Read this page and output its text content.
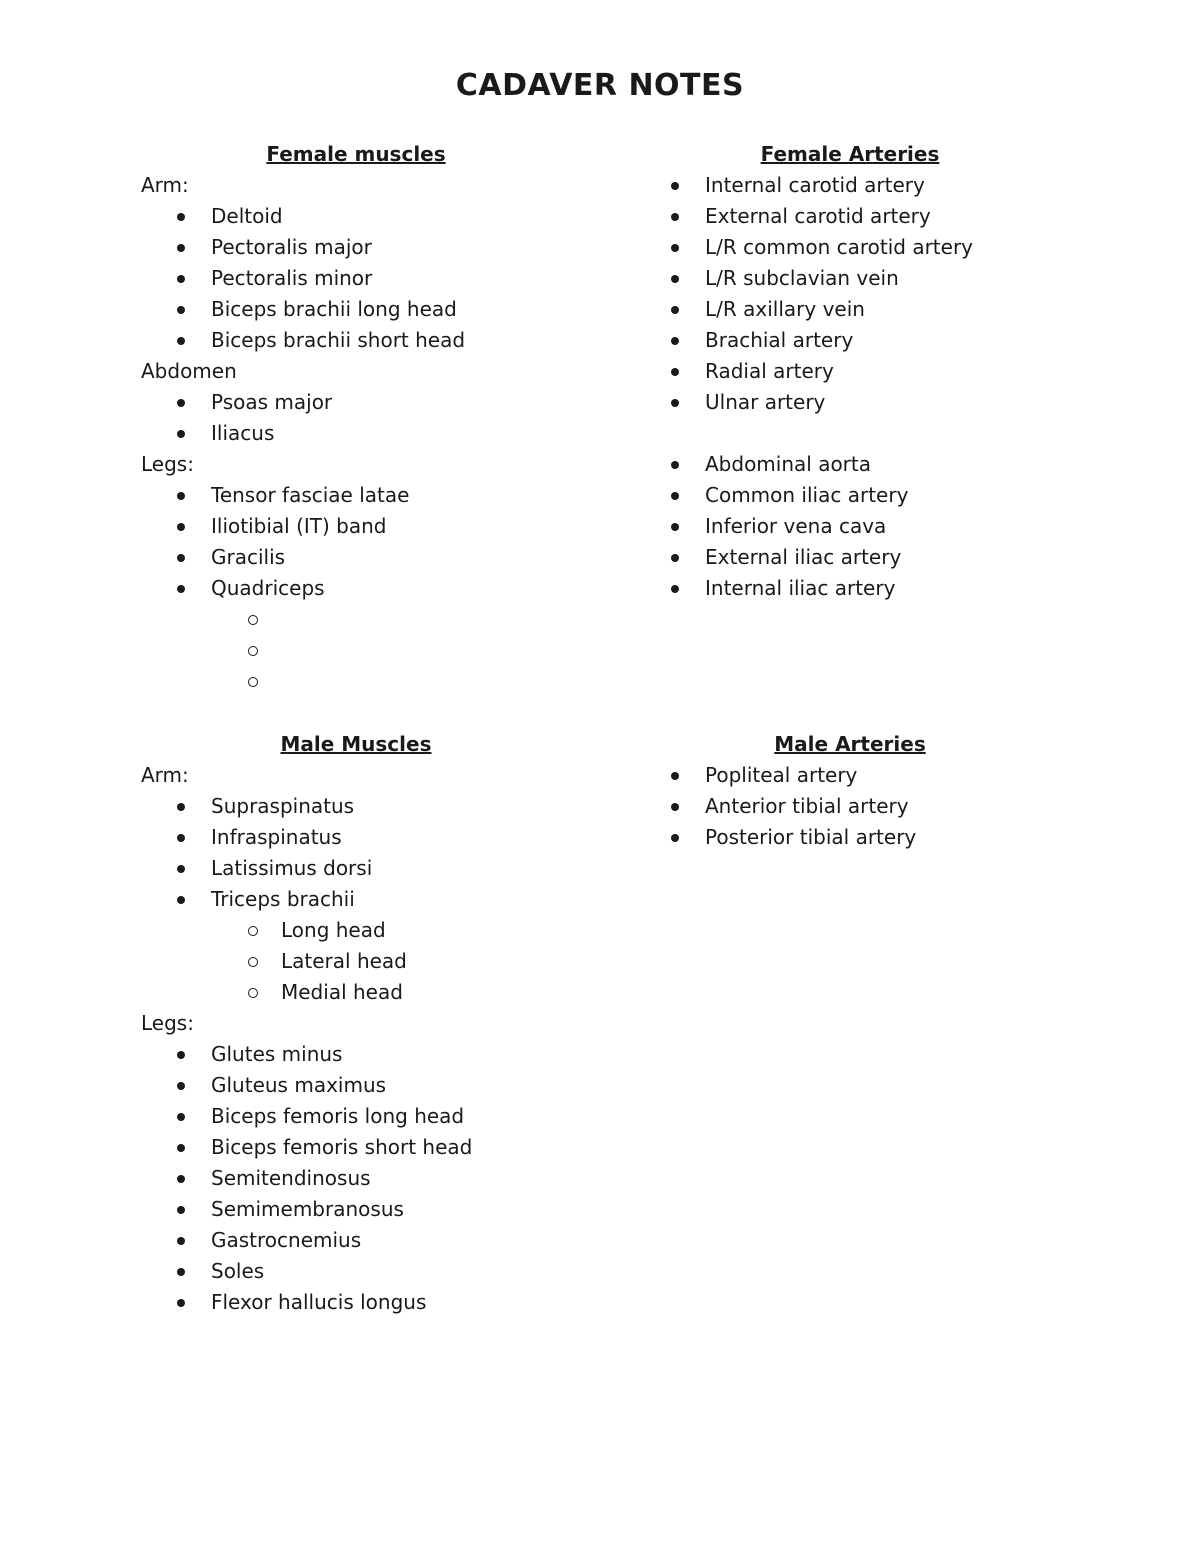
CADAVER NOTES
Female muscles
Arm:
Deltoid
Pectoralis major
Pectoralis minor
Biceps brachii long head
Biceps brachii short head
Abdomen
Psoas major
Iliacus
Legs:
Tensor fasciae latae
Iliotibial (IT) band
Gracilis
Quadriceps
Female Arteries
Internal carotid artery
External carotid artery
L/R common carotid artery
L/R subclavian vein
L/R axillary vein
Brachial artery
Radial artery
Ulnar artery
Abdominal aorta
Common iliac artery
Inferior vena cava
External iliac artery
Internal iliac artery
Male Muscles
Arm:
Supraspinatus
Infraspinatus
Latissimus dorsi
Triceps brachii
Long head
Lateral head
Medial head
Legs:
Glutes minus
Gluteus maximus
Biceps femoris long head
Biceps femoris short head
Semitendinosus
Semimembranosus
Gastrocnemius
Soles
Flexor hallucis longus
Male Arteries
Popliteal artery
Anterior tibial artery
Posterior tibial artery
